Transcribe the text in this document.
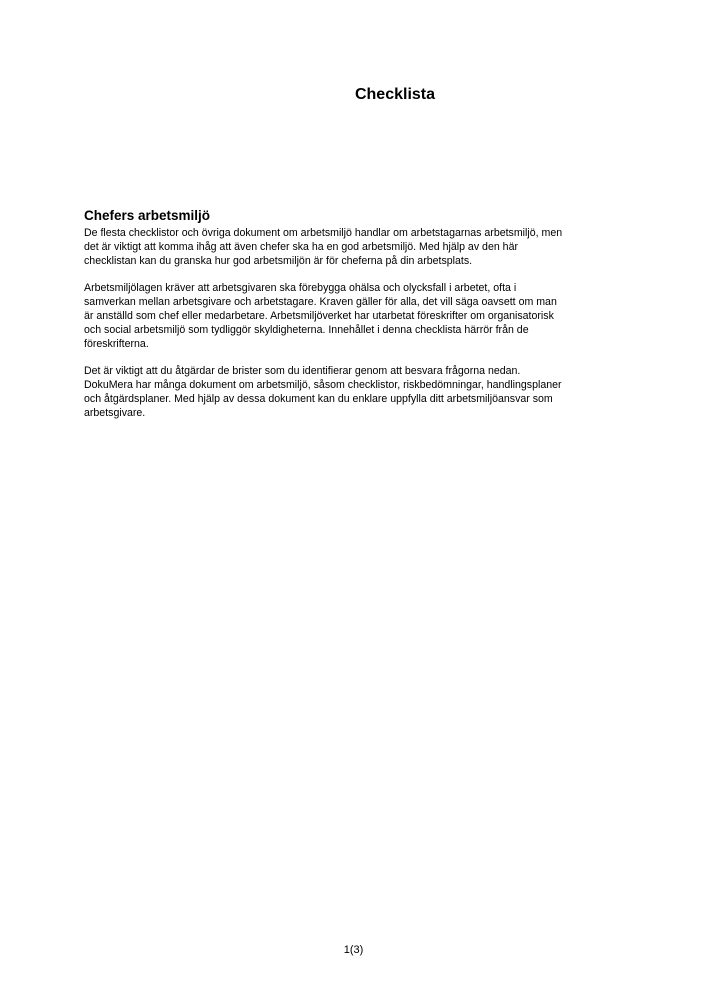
Checklista
Chefers arbetsmiljö

De flesta checklistor och övriga dokument om arbetsmiljö handlar om arbetstagarnas arbetsmiljö, men
det är viktigt att komma ihåg att även chefer ska ha en god arbetsmiljö. Med hjälp av den här
checklistan kan du granska hur god arbetsmiljön är för cheferna på din arbetsplats.

Arbetsmiljölagen kräver att arbetsgivaren ska förebygga ohälsa och olycksfall i arbetet, ofta i
samverkan mellan arbetsgivare och arbetstagare. Kraven gäller för alla, det vill säga oavsett om man
är anställd som chef eller medarbetare. Arbetsmiljöverket har utarbetat föreskrifter om organisatorisk
och social arbetsmiljö som tydliggör skyldigheterna. Innehållet i denna checklista härrör från de
föreskrifterna.

Det är viktigt att du åtgärdar de brister som du identifierar genom att besvara frågorna nedan.
DokuMera har många dokument om arbetsmiljö, såsom checklistor, riskbedömningar, handlingsplaner
och åtgärdsplaner. Med hjälp av dessa dokument kan du enklare uppfylla ditt arbetsmiljöansvar som
arbetsgivare.

1(3)
